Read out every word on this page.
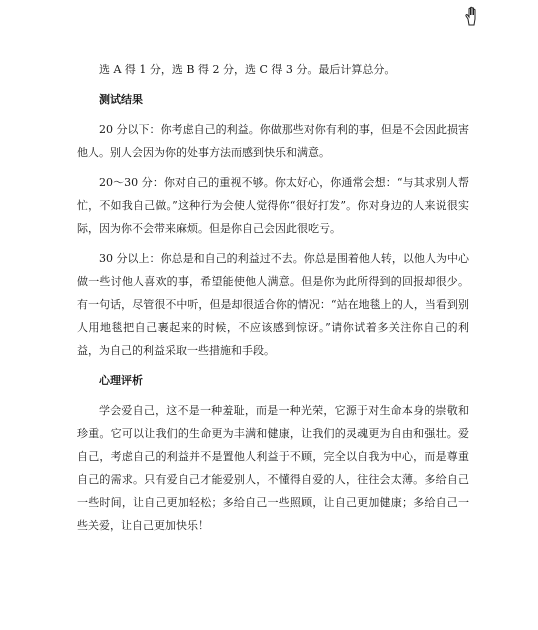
选 A 得 1 分，选 B 得 2 分，选 C 得 3 分。最后计算总分。

测试结果

20 分以下：你考虑自己的利益。你做那些对你有利的事，但是不会因此损害他人。别人会因为你的处事方法而感到快乐和满意。

20～30 分：你对自己的重视不够。你太好心，你通常会想：“与其求别人帮忙，不如我自己做。”这种行为会使人觉得你“很好打发”。你对身边的人来说很实际，因为你不会带来麻烦。但是你自己会因此很吃亏。

30 分以上：你总是和自己的利益过不去。你总是围着他人转，以他人为中心做一些讨他人喜欢的事，希望能使他人满意。但是你为此所得到的回报却很少。有一句话，尽管很不中听，但是却很适合你的情况：“站在地毯上的人，当看到别人用地毯把自己裹起来的时候，不应该感到惊讶。”请你试着多关注你自己的利益，为自己的利益采取一些措施和手段。

心理评析

学会爱自己，这不是一种羞耻，而是一种光荣，它源于对生命本身的崇敬和珍重。它可以让我们的生命更为丰满和健康，让我们的灵魂更为自由和强壮。爱自己，考虑自己的利益并不是置他人利益于不顾，完全以自我为中心，而是尊重自己的需求。只有爱自己才能爱别人，不懂得自爱的人，往往会太薄。多给自己一些时间，让自己更加轻松；多给自己一些照顾，让自己更加健康；多给自己一些关爱，让自己更加快乐！
